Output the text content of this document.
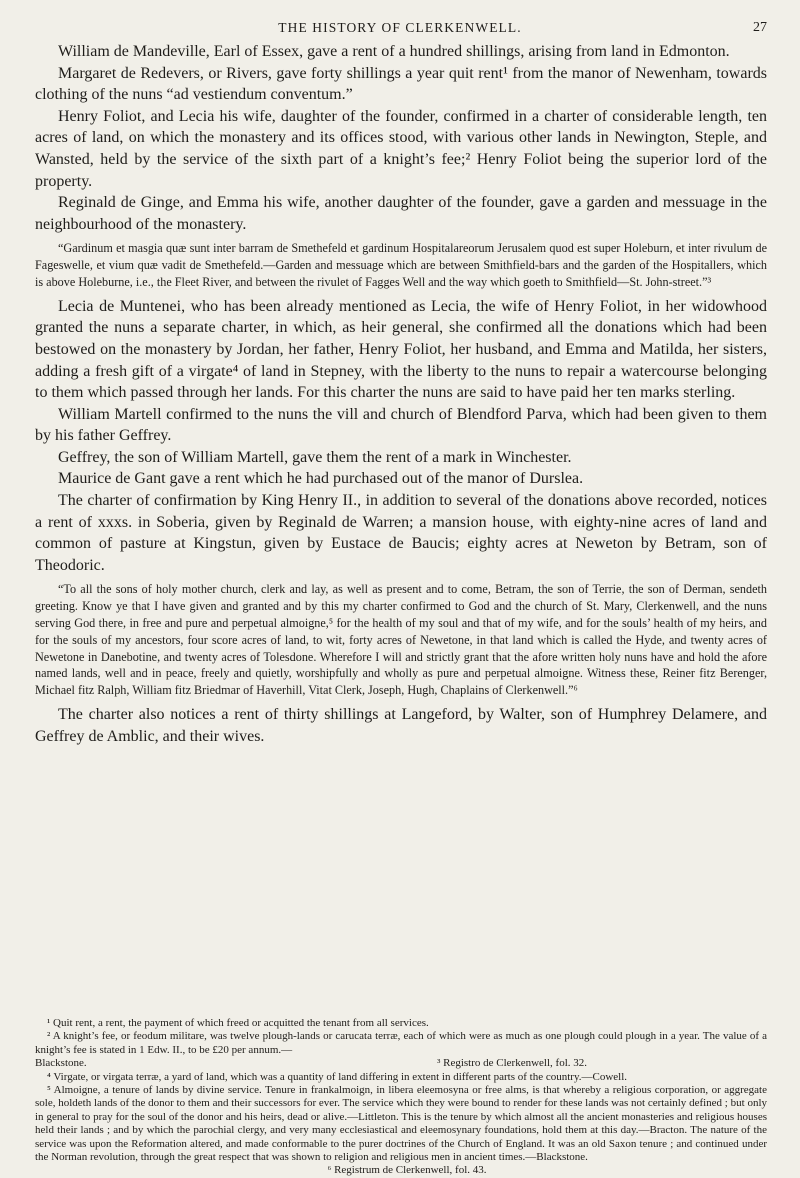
THE HISTORY OF CLERKENWELL.	27

William de Mandeville, Earl of Essex, gave a rent of a hundred shillings, arising from land in Edmonton.

Margaret de Redevers, or Rivers, gave forty shillings a year quit rent¹ from the manor of Newenham, towards clothing of the nuns “ad vestiendum conventum.”

Henry Foliot, and Lecia his wife, daughter of the founder, confirmed in a charter of considerable length, ten acres of land, on which the monastery and its offices stood, with various other lands in Newington, Steple, and Wansted, held by the service of the sixth part of a knight’s fee;² Henry Foliot being the superior lord of the property.

Reginald de Ginge, and Emma his wife, another daughter of the founder, gave a garden and messuage in the neighbourhood of the monastery.

“Gardinum et masgia quæ sunt inter barram de Smethefeld et gardinum Hospitalareorum Jerusalem quod est super Holeburn, et inter rivulum de Fageswelle, et vium quæ vadit de Smethefeld.—Garden and messuage which are between Smithfield-bars and the garden of the Hospitallers, which is above Holeburne, i.e., the Fleet River, and between the rivulet of Fagges Well and the way which goeth to Smithfield—St. John-street.”³

Lecia de Muntenei, who has been already mentioned as Lecia, the wife of Henry Foliot, in her widowhood granted the nuns a separate charter, in which, as heir general, she confirmed all the donations which had been bestowed on the monastery by Jordan, her father, Henry Foliot, her husband, and Emma and Matilda, her sisters, adding a fresh gift of a virgate⁴ of land in Stepney, with the liberty to the nuns to repair a watercourse belonging to them which passed through her lands. For this charter the nuns are said to have paid her ten marks sterling.

William Martell confirmed to the nuns the vill and church of Blendford Parva, which had been given to them by his father Geffrey.

Geffrey, the son of William Martell, gave them the rent of a mark in Winchester.

Maurice de Gant gave a rent which he had purchased out of the manor of Durslea.

The charter of confirmation by King Henry II., in addition to several of the donations above recorded, notices a rent of xxxs. in Soberia, given by Reginald de Warren; a mansion house, with eighty-nine acres of land and common of pasture at Kingstun, given by Eustace de Baucis; eighty acres at Neweton by Betram, son of Theodoric.

“To all the sons of holy mother church, clerk and lay, as well as present and to come, Betram, the son of Terrie, the son of Derman, sendeth greeting. Know ye that I have given and granted and by this my charter confirmed to God and the church of St. Mary, Clerkenwell, and the nuns serving God there, in free and pure and perpetual almoigne,⁵ for the health of my soul and that of my wife, and for the souls’ health of my heirs, and for the souls of my ancestors, four score acres of land, to wit, forty acres of Newetone, in that land which is called the Hyde, and twenty acres of Newetone in Danebotine, and twenty acres of Tolesdone. Wherefore I will and strictly grant that the afore written holy nuns have and hold the afore named lands, well and in peace, freely and quietly, worshipfully and wholly as pure and perpetual almoigne. Witness these, Reiner fitz Berenger, Michael fitz Ralph, William fitz Briedmar of Haverhill, Vitat Clerk, Joseph, Hugh, Chaplains of Clerkenwell.”⁶

The charter also notices a rent of thirty shillings at Langeford, by Walter, son of Humphrey Delamere, and Geffrey de Amblic, and their wives.

¹ Quit rent, a rent, the payment of which freed or acquitted the tenant from all services.

² A knight’s fee, or feodum militare, was twelve plough-lands or carucata terræ, each of which were as much as one plough could plough in a year. The value of a knight’s fee is stated in 1 Edw. II., to be £20 per annum.—

Blackstone.	³ Registro de Clerkenwell, fol. 32.

⁴ Virgate, or virgata terræ, a yard of land, which was a quantity of land differing in extent in different parts of the country.—Cowell.

⁵ Almoigne, a tenure of lands by divine service. Tenure in frankalmoign, in libera eleemosyna or free alms, is that whereby a religious corporation, or aggregate sole, holdeth lands of the donor to them and their successors for ever. The service which they were bound to render for these lands was not certainly defined ; but only in general to pray for the soul of the donor and his heirs, dead or alive.—Littleton. This is the tenure by which almost all the ancient monasteries and religious houses held their lands ; and by which the parochial clergy, and very many ecclesiastical and eleemosynary foundations, hold them at this day.—Bracton. The nature of the service was upon the Reformation altered, and made conformable to the purer doctrines of the Church of England. It was an old Saxon tenure ; and continued under the Norman revolution, through the great respect that was shown to religion and religious men in ancient times.—Blackstone.

⁶ Registrum de Clerkenwell, fol. 43.
